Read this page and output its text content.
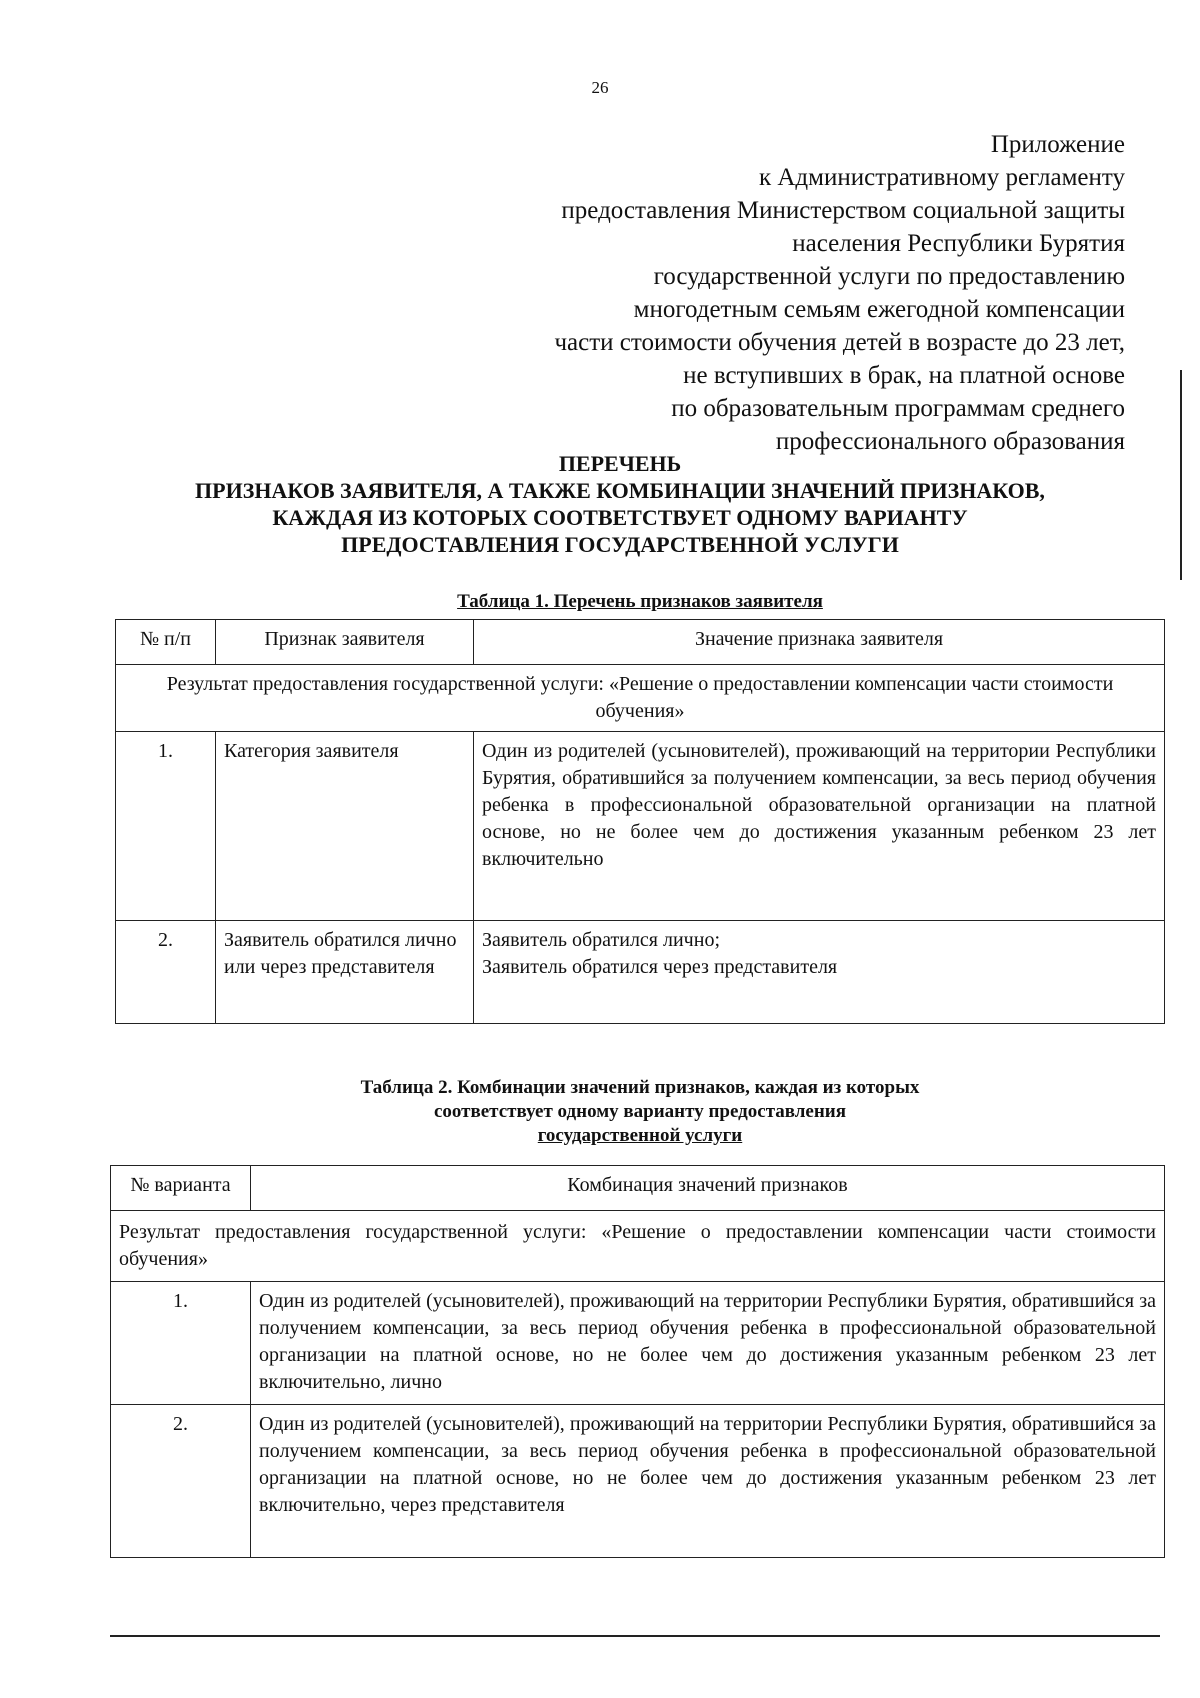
26
Приложение
к Административному регламенту
предоставления Министерством социальной защиты
населения Республики Бурятия
государственной услуги по предоставлению
многодетным семьям ежегодной компенсации
части стоимости обучения детей в возрасте до 23 лет,
не вступивших в брак, на платной основе
по образовательным программам среднего
профессионального образования
ПЕРЕЧЕНЬ
ПРИЗНАКОВ ЗАЯВИТЕЛЯ, А ТАКЖЕ КОМБИНАЦИИ ЗНАЧЕНИЙ ПРИЗНАКОВ,
КАЖДАЯ ИЗ КОТОРЫХ СООТВЕТСТВУЕТ ОДНОМУ ВАРИАНТУ
ПРЕДОСТАВЛЕНИЯ ГОСУДАРСТВЕННОЙ УСЛУГИ
Таблица 1. Перечень признаков заявителя
№ п/п	Признак заявителя	Значение признака заявителя
Результат предоставления государственной услуги: «Решение о предоставлении компенсации части стоимости обучения»		
1.	Категория заявителя	Один из родителей (усыновителей), проживающий на территории Республики Бурятия, обратившийся за получением компенсации, за весь период обучения ребенка в профессиональной образовательной организации на платной основе, но не более чем до достижения указанным ребенком 23 лет включительно
2.	Заявитель обратился лично или через представителя	Заявитель обратился лично;
Заявитель обратился через представителя
Таблица 2. Комбинации значений признаков, каждая из которых
соответствует одному варианту предоставления
государственной услуги
№ варианта	Комбинация значений признаков
Результат предоставления государственной услуги: «Решение о предоставлении компенсации части стоимости обучения»	
1.	Один из родителей (усыновителей), проживающий на территории Республики Бурятия, обратившийся за получением компенсации, за весь период обучения ребенка в профессиональной образовательной организации на платной основе, но не более чем до достижения указанным ребенком 23 лет включительно, лично
2.	Один из родителей (усыновителей), проживающий на территории Республики Бурятия, обратившийся за получением компенсации, за весь период обучения ребенка в профессиональной образовательной организации на платной основе, но не более чем до достижения указанным ребенком 23 лет включительно, через представителя
